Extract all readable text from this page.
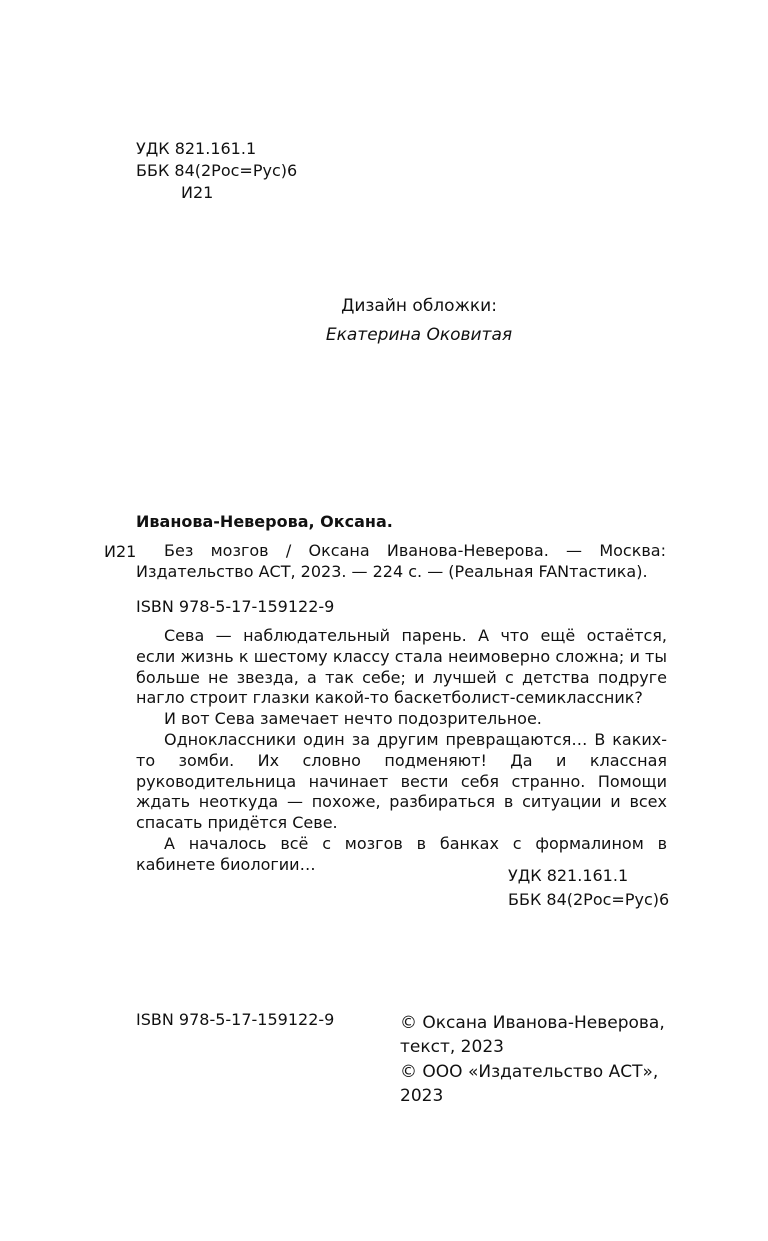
УДК 821.161.1
ББК 84(2Рос=Рус)6
И21
Дизайн обложки:
Екатерина Оковитая
Иванова-Неверова, Оксана.
И21	Без мозгов / Оксана Иванова-Неверова. — Москва: Издательство АСТ, 2023. — 224 с. — (Реальная FANтастика).

ISBN 978-5-17-159122-9

Сева — наблюдательный парень. А что ещё остаётся, если жизнь к шестому классу стала неимоверно сложна; и ты больше не звезда, а так себе; и лучшей с детства подруге нагло строит глазки какой-то баскетболист-семиклассник?

И вот Сева замечает нечто подозрительное.

Одноклассники один за другим превращаются… В каких-то зомби. Их словно подменяют! Да и классная руководительница начинает вести себя странно. Помощи ждать неоткуда — похоже, разбираться в ситуации и всех спасать придётся Севе.

А началось всё с мозгов в банках с формалином в кабинете биологии…

УДК 821.161.1
ББК 84(2Рос=Рус)6
ISBN 978-5-17-159122-9	© Оксана Иванова-Неверова, текст, 2023

© ООО «Издательство АСТ», 2023
